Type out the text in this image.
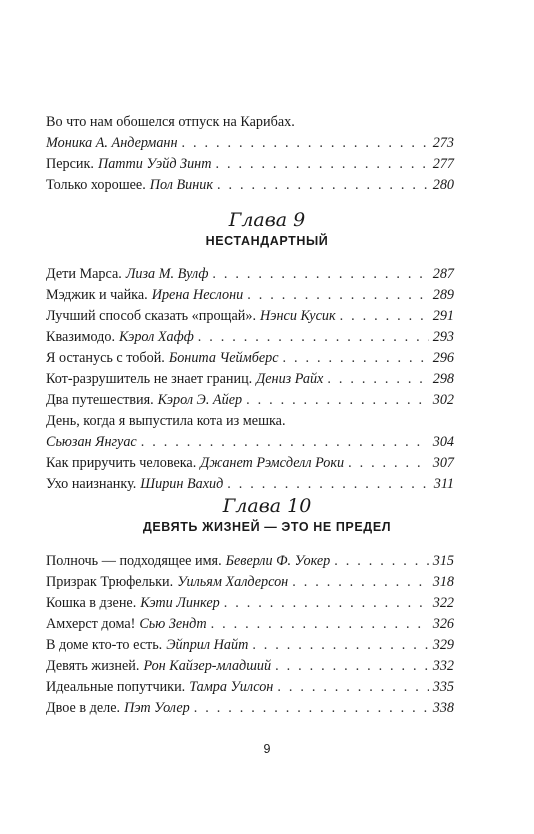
Во что нам обошелся отпуск на Карибах.
Моника А. Андерманн . . .	273
Персик. Патти Уэйд Зинт . . .	277
Только хорошее. Пол Виник . . .	280
Глава 9
НЕСТАНДАРТНЫЙ
Дети Марса. Лиза М. Вулф . . .	287
Мэджик и чайка. Ирена Неслони . . .	289
Лучший способ сказать «прощай». Нэнси Кусик . . .	291
Квазимодо. Кэрол Хафф . . .	293
Я останусь с тобой. Бонита Чеймберс . . .	296
Кот-разрушитель не знает границ. Дениз Райх . . .	298
Два путешествия. Кэрол Э. Айер . . .	302
День, когда я выпустила кота из мешка.
Сьюзан Янгуас . . .	304
Как приручить человека. Джанет Рэмсделл Роки . . .	307
Ухо наизнанку. Ширин Вахид . . .	311
Глава 10
ДЕВЯТЬ ЖИЗНЕЙ — ЭТО НЕ ПРЕДЕЛ
Полночь — подходящее имя. Беверли Ф. Уокер . . .	315
Призрак Трюфельки. Уильям Халдерсон . . .	318
Кошка в дзене. Кэти Линкер . . .	322
Амхерст дома! Сью Зендт . . .	326
В доме кто-то есть. Эйприл Найт . . .	329
Девять жизней. Рон Кайзер-младший . . .	332
Идеальные попутчики. Тамра Уилсон . . .	335
Двое в деле. Пэт Уолер . . .	338
9
